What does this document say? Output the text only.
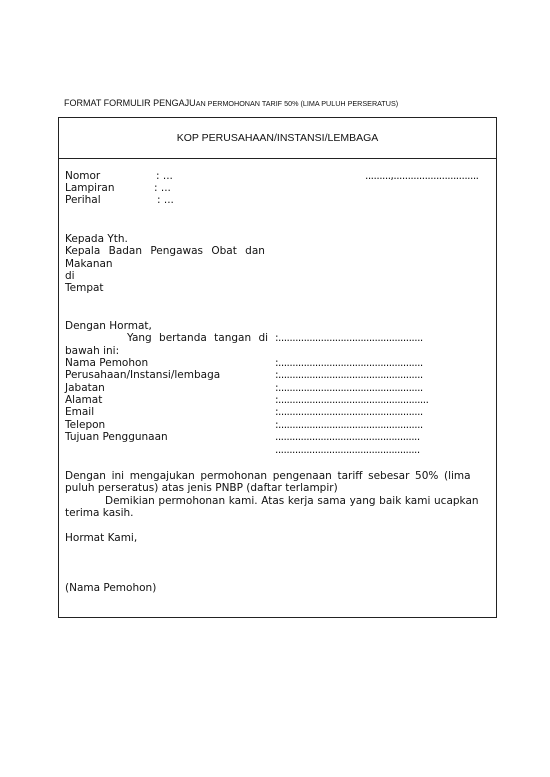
FORMAT FORMULIR PENGAJUAN PERMOHONAN TARIF 50% (LIMA PULUH PERSERATUS)
KOP PERUSAHAAN/INSTANSI/LEMBAGA
Nomor	: ...
Lampiran	: ...
Perihal	: ...
.........,..............................
Kepada Yth.
Kepala Badan Pengawas Obat dan
Makanan
di
Tempat
Dengan Hormat,
Yang bertanda tangan di
bawah ini:
:...................................................
Nama Pemohon	:...................................................
Perusahaan/Instansi/lembaga	:...................................................
Jabatan	:...................................................
Alamat	:.....................................................
Email	:...................................................
Telepon	:...................................................
Tujuan Penggunaan	...................................................
...................................................
Dengan ini mengajukan permohonan pengenaan tariff sebesar 50% (lima
puluh perseratus) atas jenis PNBP (daftar terlampir)
Demikian permohonan kami. Atas kerja sama yang baik kami ucapkan
terima kasih.
Hormat Kami,
(Nama Pemohon)
